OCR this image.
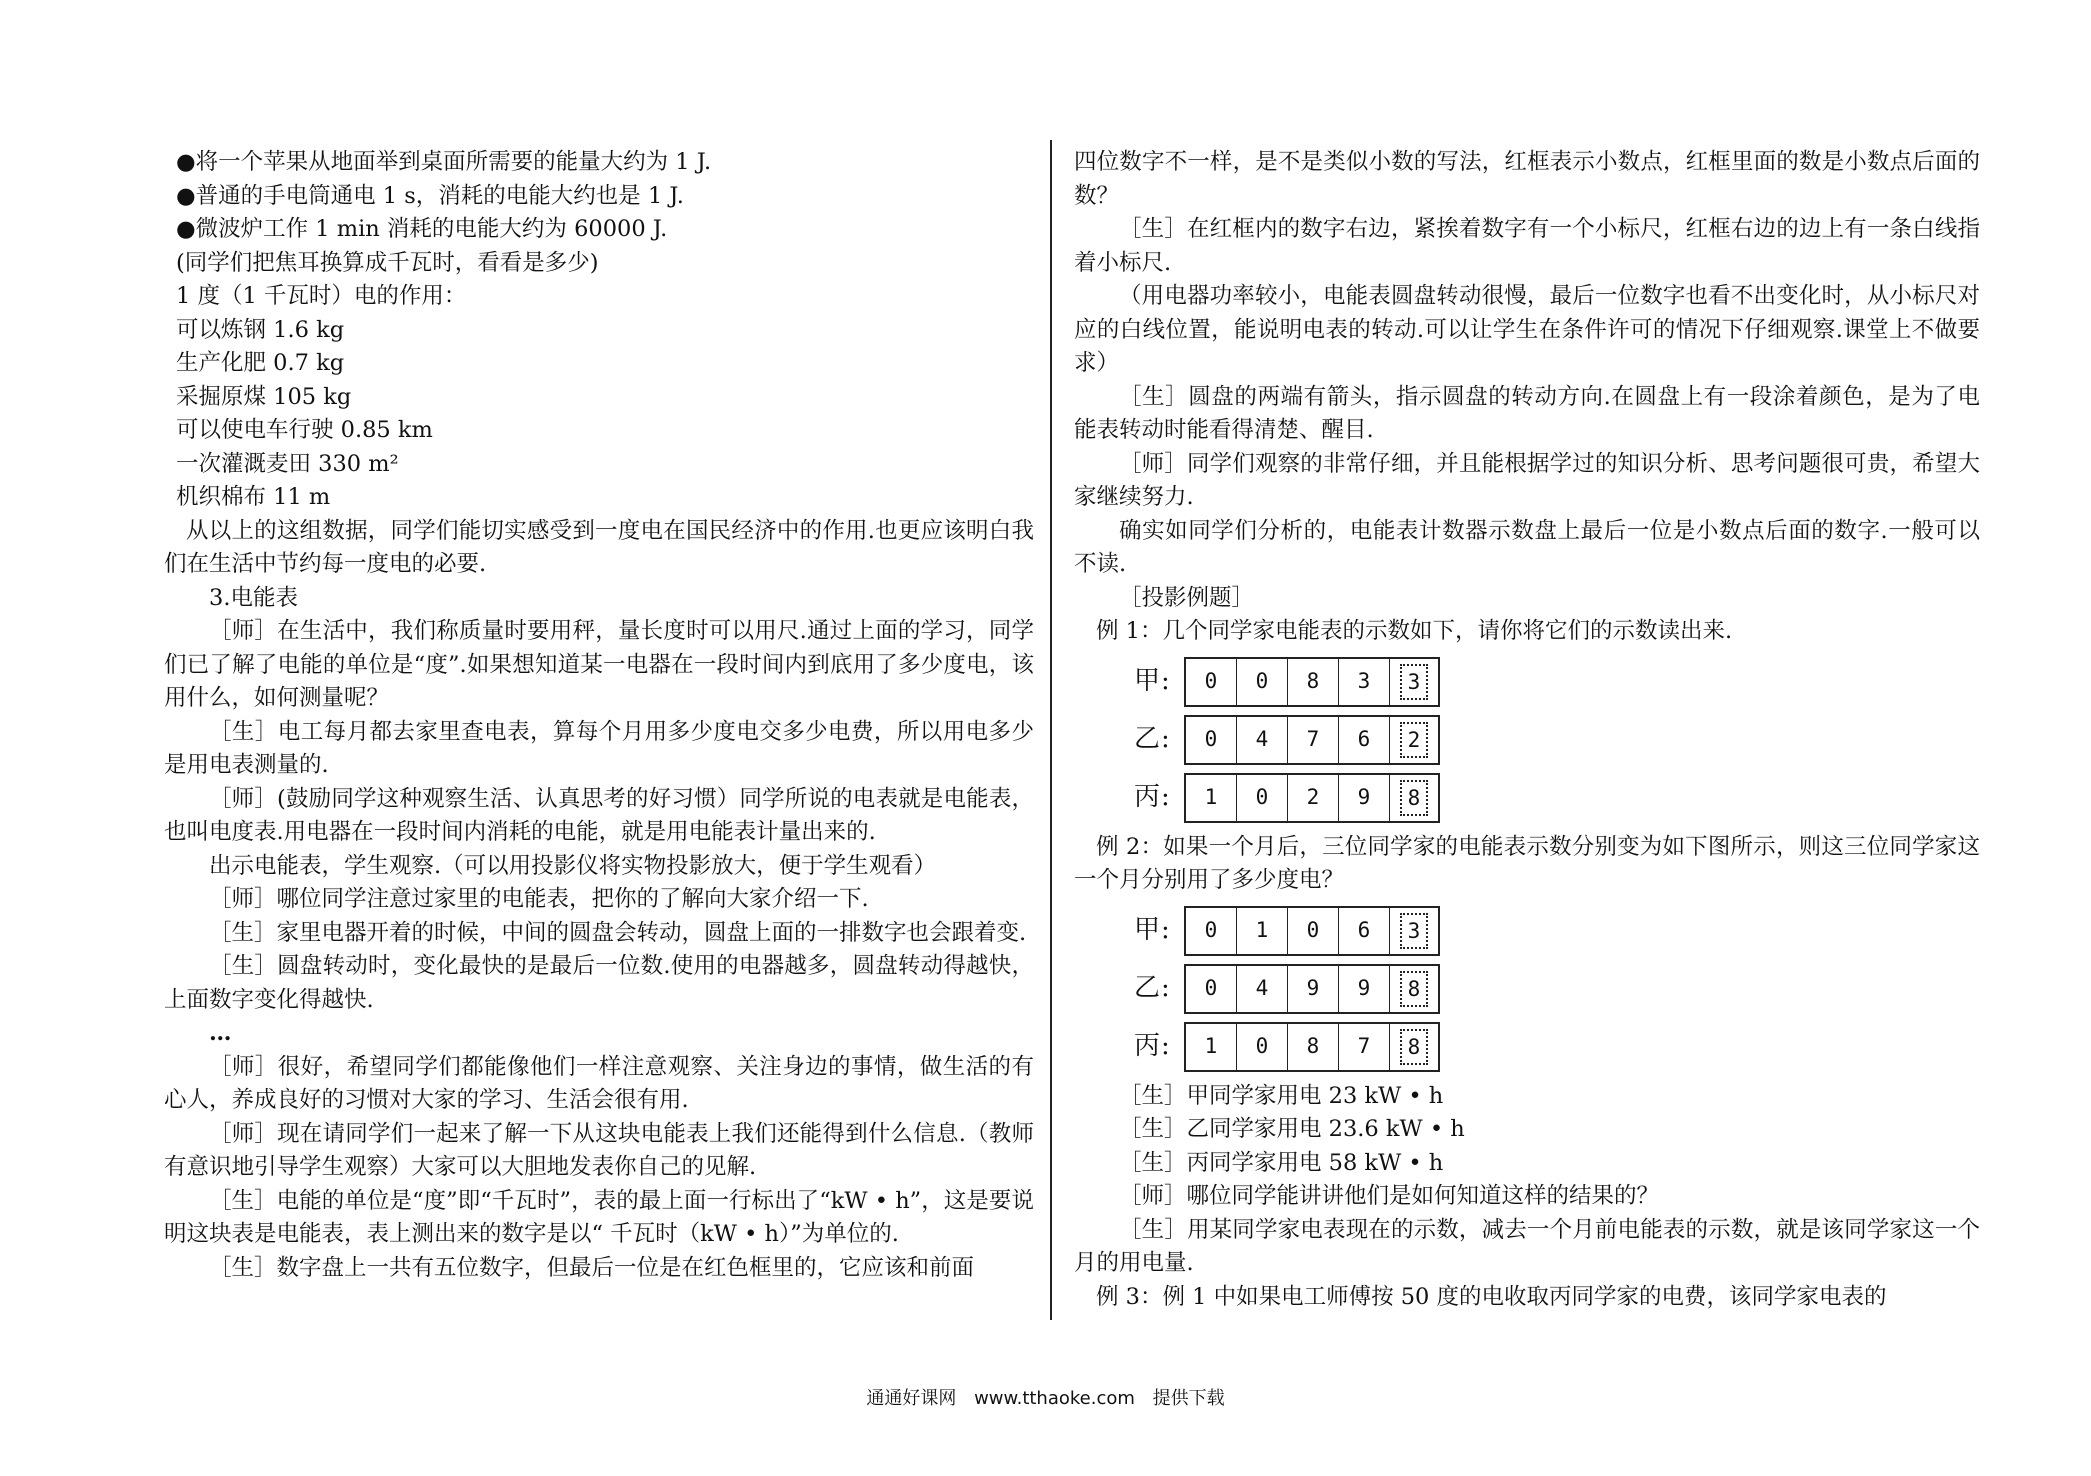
●将一个苹果从地面举到桌面所需要的能量大约为 1 J.

●普通的手电筒通电 1 s，消耗的电能大约也是 1 J.

●微波炉工作 1 min 消耗的电能大约为 60000 J.

(同学们把焦耳换算成千瓦时，看看是多少)

1 度（1 千瓦时）电的作用：

可以炼钢 1.6 kg

生产化肥 0.7 kg

采掘原煤 105 kg

可以使电车行驶 0.85 km

一次灌溉麦田 330 m²

机织棉布 11 m

从以上的这组数据，同学们能切实感受到一度电在国民经济中的作用.也更应该明白我们在生活中节约每一度电的必要.

3.电能表

［师］在生活中，我们称质量时要用秤，量长度时可以用尺.通过上面的学习，同学们已了解了电能的单位是“度”.如果想知道某一电器在一段时间内到底用了多少度电，该用什么，如何测量呢？

［生］电工每月都去家里查电表，算每个月用多少度电交多少电费，所以用电多少是用电表测量的.

［师］(鼓励同学这种观察生活、认真思考的好习惯）同学所说的电表就是电能表，也叫电度表.用电器在一段时间内消耗的电能，就是用电能表计量出来的.

出示电能表，学生观察.（可以用投影仪将实物投影放大，便于学生观看）

［师］哪位同学注意过家里的电能表，把你的了解向大家介绍一下.

［生］家里电器开着的时候，中间的圆盘会转动，圆盘上面的一排数字也会跟着变.

［生］圆盘转动时，变化最快的是最后一位数.使用的电器越多，圆盘转动得越快，上面数字变化得越快.

…

［师］很好，希望同学们都能像他们一样注意观察、关注身边的事情，做生活的有心人，养成良好的习惯对大家的学习、生活会很有用.

［师］现在请同学们一起来了解一下从这块电能表上我们还能得到什么信息.（教师有意识地引导学生观察）大家可以大胆地发表你自己的见解.

［生］电能的单位是“度”即“千瓦时”，表的最上面一行标出了“kW • h”，这是要说明这块表是电能表，表上测出来的数字是以“ 千瓦时（kW • h）”为单位的.

［生］数字盘上一共有五位数字，但最后一位是在红色框里的，它应该和前面

四位数字不一样，是不是类似小数的写法，红框表示小数点，红框里面的数是小数点后面的数？

［生］在红框内的数字右边，紧挨着数字有一个小标尺，红框右边的边上有一条白线指着小标尺.

（用电器功率较小，电能表圆盘转动很慢，最后一位数字也看不出变化时，从小标尺对应的白线位置，能说明电表的转动.可以让学生在条件许可的情况下仔细观察.课堂上不做要求）

［生］圆盘的两端有箭头，指示圆盘的转动方向.在圆盘上有一段涂着颜色，是为了电能表转动时能看得清楚、醒目.

［师］同学们观察的非常仔细，并且能根据学过的知识分析、思考问题很可贵，希望大家继续努力.

确实如同学们分析的，电能表计数器示数盘上最后一位是小数点后面的数字.一般可以不读.

［投影例题］

例 1：几个同学家电能表的示数如下，请你将它们的示数读出来.

甲:	0	0	8	3	3
乙:	0	4	7	6	2
丙:	1	0	2	9	8

例 2：如果一个月后，三位同学家的电能表示数分别变为如下图所示，则这三位同学家这一个月分别用了多少度电？

甲:	0	1	0	6	3
乙:	0	4	9	9	8
丙:	1	0	8	7	8

［生］甲同学家用电 23 kW • h

［生］乙同学家用电 23.6 kW • h

［生］丙同学家用电 58 kW • h

［师］哪位同学能讲讲他们是如何知道这样的结果的？

［生］用某同学家电表现在的示数，减去一个月前电能表的示数，就是该同学家这一个月的用电量.

例 3：例 1 中如果电工师傅按 50 度的电收取丙同学家的电费，该同学家电表的

通通好课网 www.tthaoke.com 提供下载
